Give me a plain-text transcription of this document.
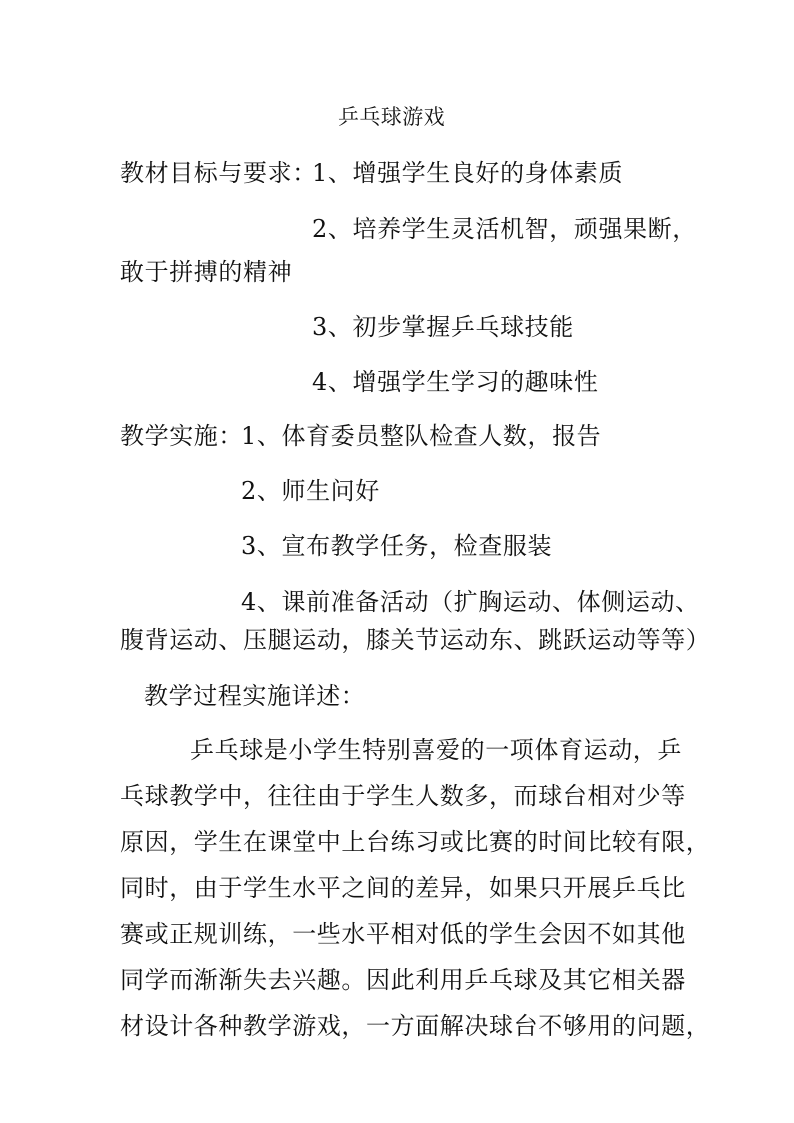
乒乓球游戏
教材目标与要求：
1、增强学生良好的身体素质
2、培养学生灵活机智，顽强果断，
敢于拼搏的精神
3、初步掌握乒乓球技能
4、增强学生学习的趣味性
教学实施：
1、体育委员整队检查人数，报告
2、师生问好
3、宣布教学任务，检查服装
4、课前准备活动（扩胸运动、体侧运动、
腹背运动、压腿运动，膝关节运动东、跳跃运动等等）
教学过程实施详述：
乒乓球是小学生特别喜爱的一项体育运动，乒
乓球教学中，往往由于学生人数多，而球台相对少等
原因，学生在课堂中上台练习或比赛的时间比较有限，
同时，由于学生水平之间的差异，如果只开展乒乓比
赛或正规训练，一些水平相对低的学生会因不如其他
同学而渐渐失去兴趣。因此利用乒乓球及其它相关器
材设计各种教学游戏，一方面解决球台不够用的问题，
